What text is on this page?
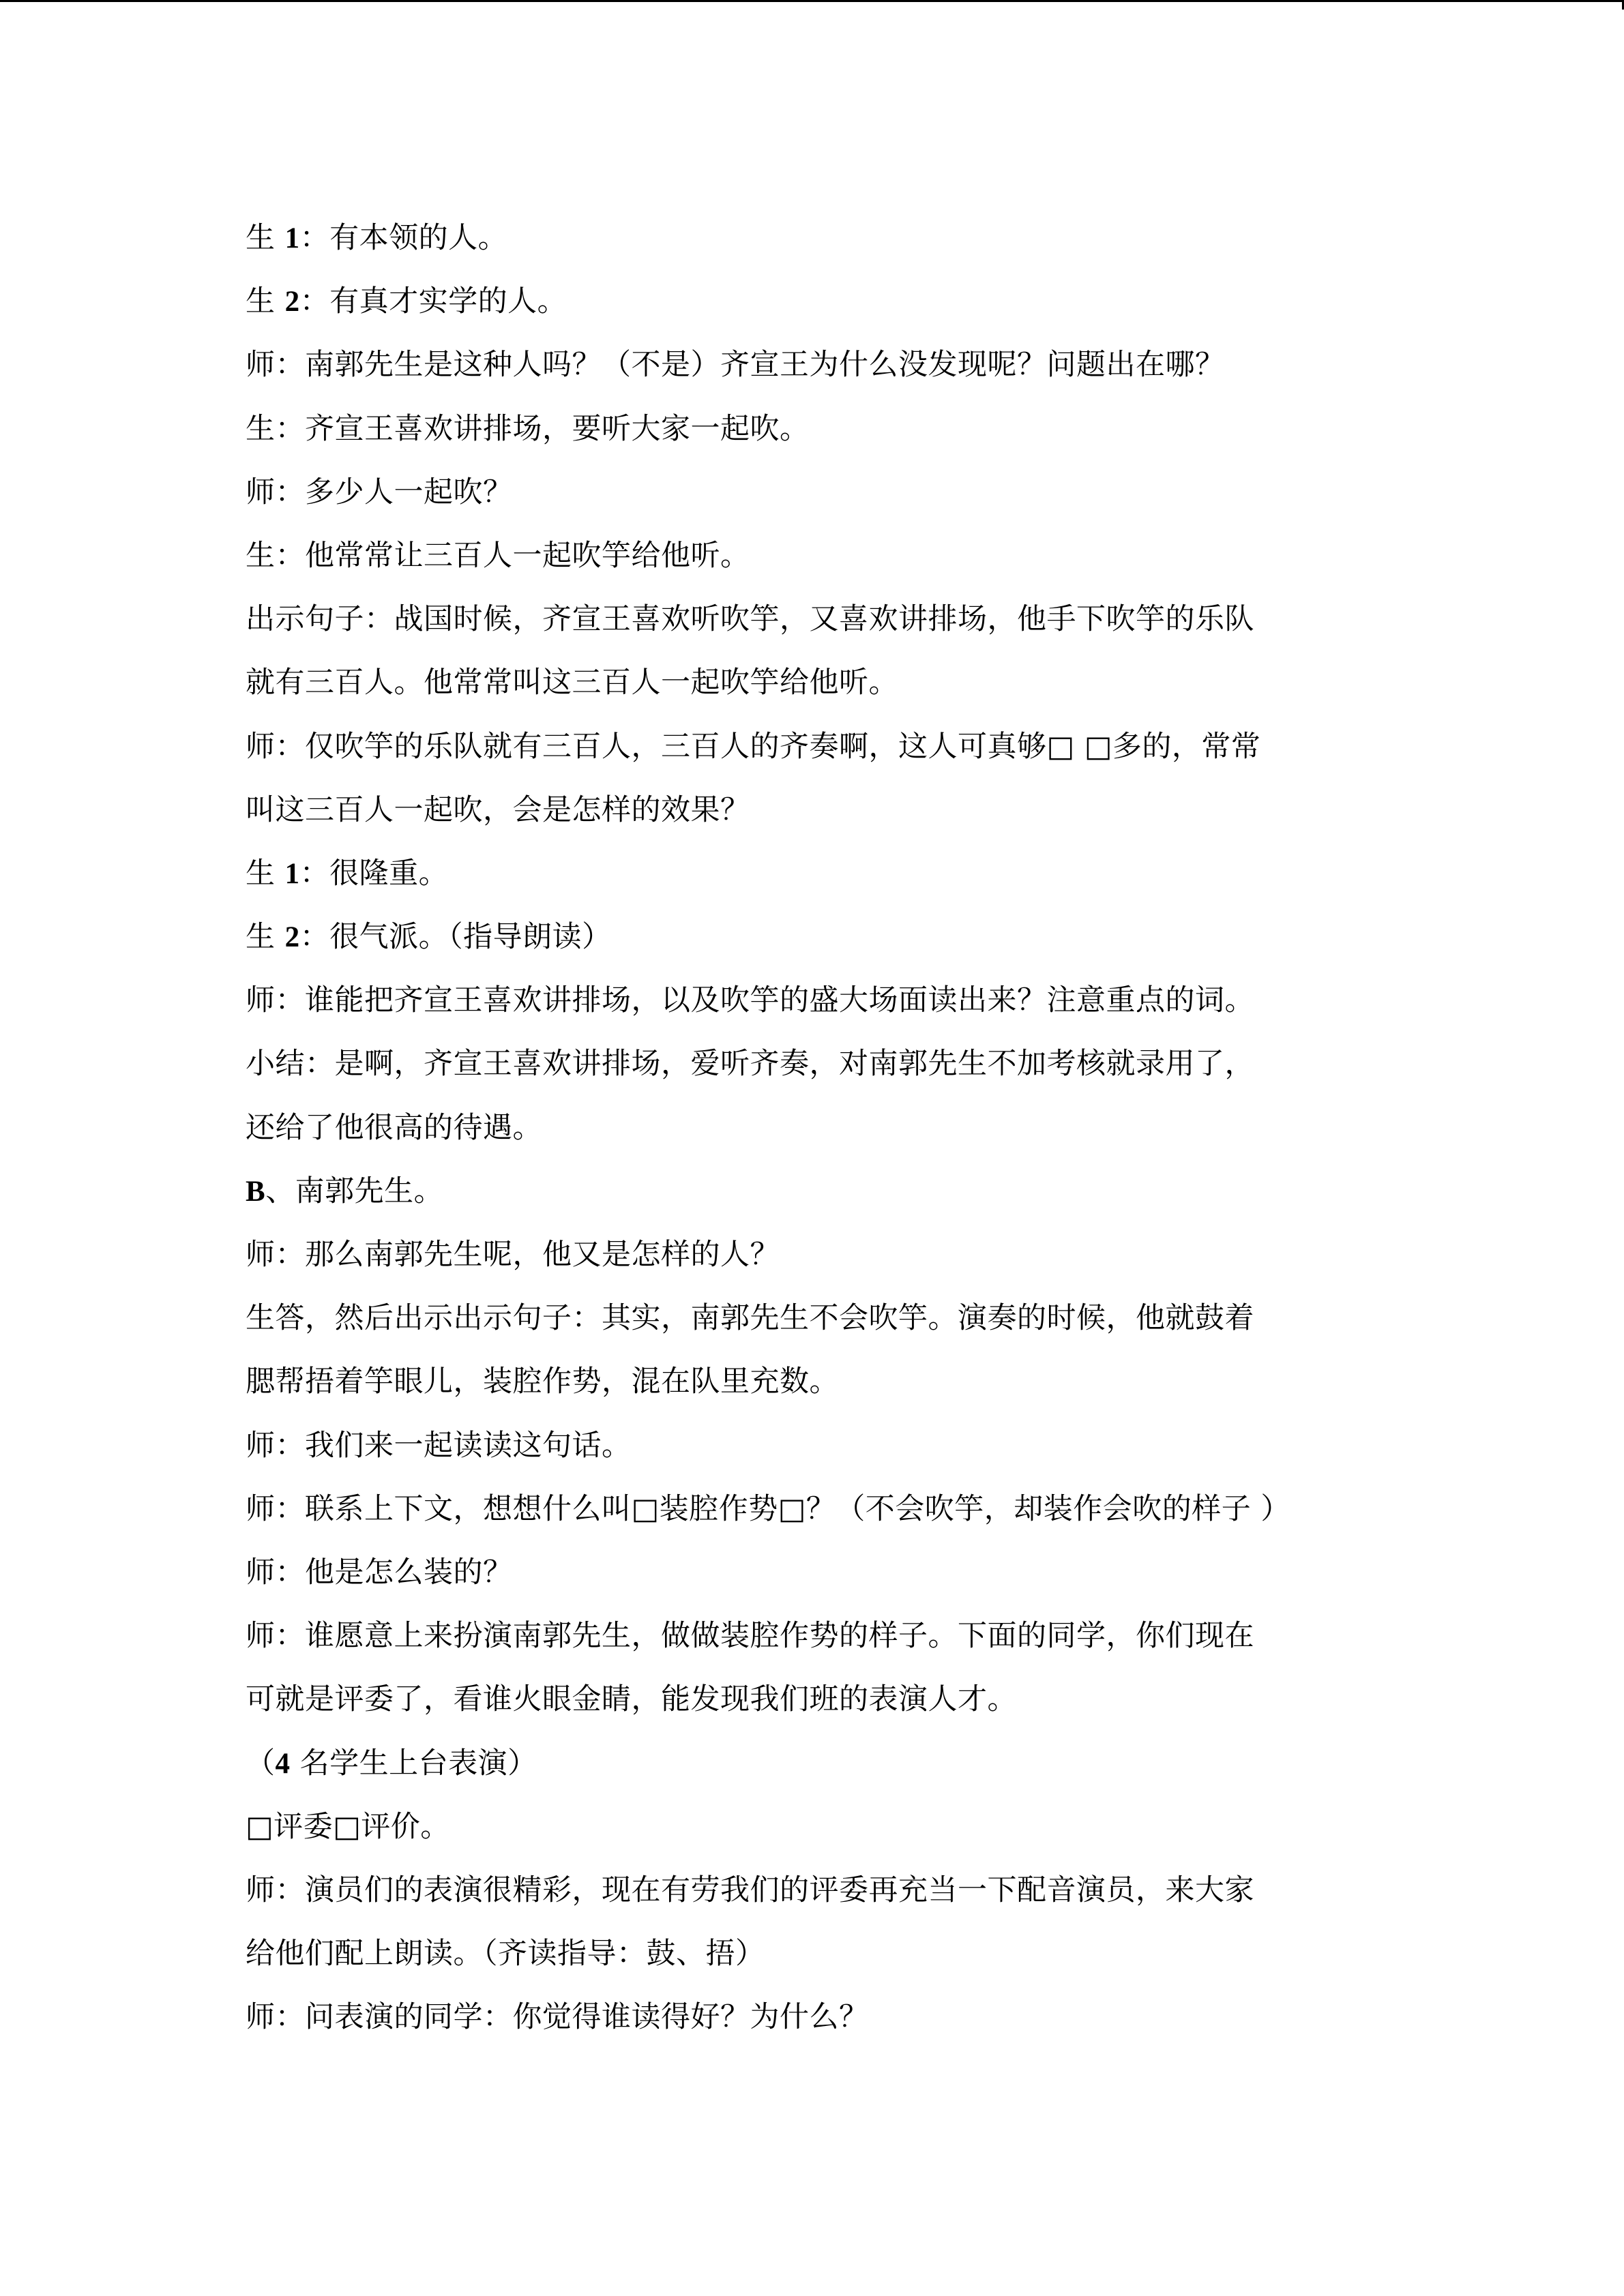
生 1：有本领的人。
生 2：有真才实学的人。
师：南郭先生是这种人吗？（不是）齐宣王为什么没发现呢？问题出在哪？
生：齐宣王喜欢讲排场，要听大家一起吹。
师：多少人一起吹？
生：他常常让三百人一起吹竽给他听。
出示句子：战国时候，齐宣王喜欢听吹竽，又喜欢讲排场，他手下吹竽的乐队
就有三百人。他常常叫这三百人一起吹竽给他听。
师：仅吹竽的乐队就有三百人，三百人的齐奏啊，这人可真够□ □多的，常常
叫这三百人一起吹，会是怎样的效果？
生 1：很隆重。
生 2：很气派。（指导朗读）
师：谁能把齐宣王喜欢讲排场，以及吹竽的盛大场面读出来？注意重点的词。
小结：是啊，齐宣王喜欢讲排场，爱听齐奏，对南郭先生不加考核就录用了，
还给了他很高的待遇。
B、南郭先生。
师：那么南郭先生呢，他又是怎样的人？
生答，然后出示出示句子：其实，南郭先生不会吹竽。演奏的时候，他就鼓着
腮帮捂着竽眼儿，装腔作势，混在队里充数。
师：我们来一起读读这句话。
师：联系上下文，想想什么叫□装腔作势□？（不会吹竽，却装作会吹的样子 ）
师：他是怎么装的？
师：谁愿意上来扮演南郭先生，做做装腔作势的样子。下面的同学，你们现在
可就是评委了，看谁火眼金睛，能发现我们班的表演人才。
（4 名学生上台表演）
□评委□评价。
师：演员们的表演很精彩，现在有劳我们的评委再充当一下配音演员，来大家
给他们配上朗读。（齐读指导：鼓、捂）
师：问表演的同学：你觉得谁读得好？为什么？
